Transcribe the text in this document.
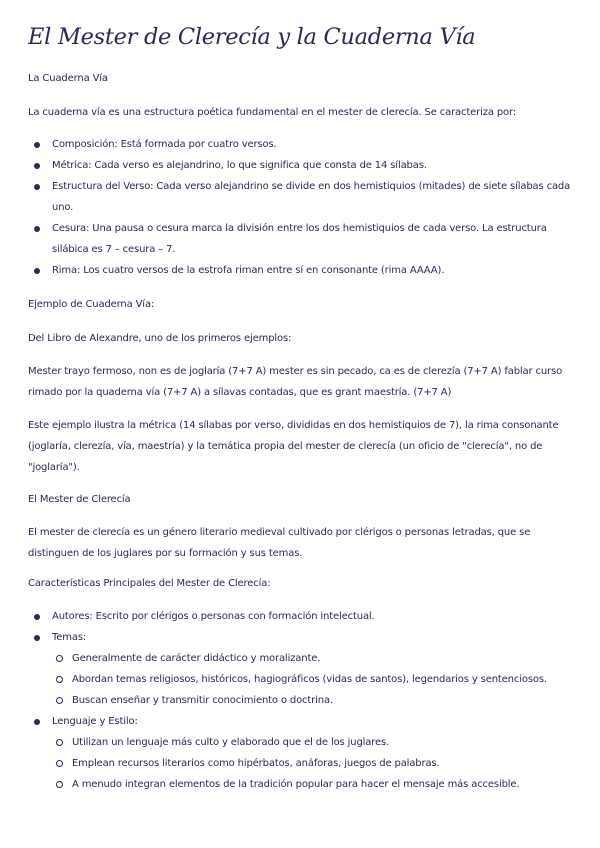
El Mester de Clerecía y la Cuaderna Vía
La Cuaderna Vía
La cuaderna vía es una estructura poética fundamental en el mester de clerecía. Se caracteriza por:
Composición: Está formada por cuatro versos.
Métrica: Cada verso es alejandrino, lo que significa que consta de 14 sílabas.
Estructura del Verso: Cada verso alejandrino se divide en dos hemistiquios (mitades) de siete sílabas cada uno.
Cesura: Una pausa o cesura marca la división entre los dos hemistiquios de cada verso. La estructura silábica es 7 – cesura – 7.
Rima: Los cuatro versos de la estrofa riman entre sí en consonante (rima AAAA).
Ejemplo de Cuaderna Vía:
Del Libro de Alexandre, uno de los primeros ejemplos:
Mester trayo fermoso, non es de joglaría (7+7 A) mester es sin pecado, ca es de clerezía (7+7 A) fablar curso rimado por la quaderna vía (7+7 A) a sílavas contadas, que es grant maestría. (7+7 A)
Este ejemplo ilustra la métrica (14 sílabas por verso, divididas en dos hemistiquios de 7), la rima consonante (joglaría, clerezía, vía, maestría) y la temática propia del mester de clerecía (un oficio de "clerecía", no de "joglaría").
El Mester de Clerecía
El mester de clerecía es un género literario medieval cultivado por clérigos o personas letradas, que se distinguen de los juglares por su formación y sus temas.
Características Principales del Mester de Clerecía:
Autores: Escrito por clérigos o personas con formación intelectual.
Temas:
Generalmente de carácter didáctico y moralizante.
Abordan temas religiosos, históricos, hagiográficos (vidas de santos), legendarios y sentenciosos.
Buscan enseñar y transmitir conocimiento o doctrina.
Lenguaje y Estilo:
Utilizan un lenguaje más culto y elaborado que el de los juglares.
Emplean recursos literarios como hipérbatos, anáforas, juegos de palabras.
A menudo integran elementos de la tradición popular para hacer el mensaje más accesible.
